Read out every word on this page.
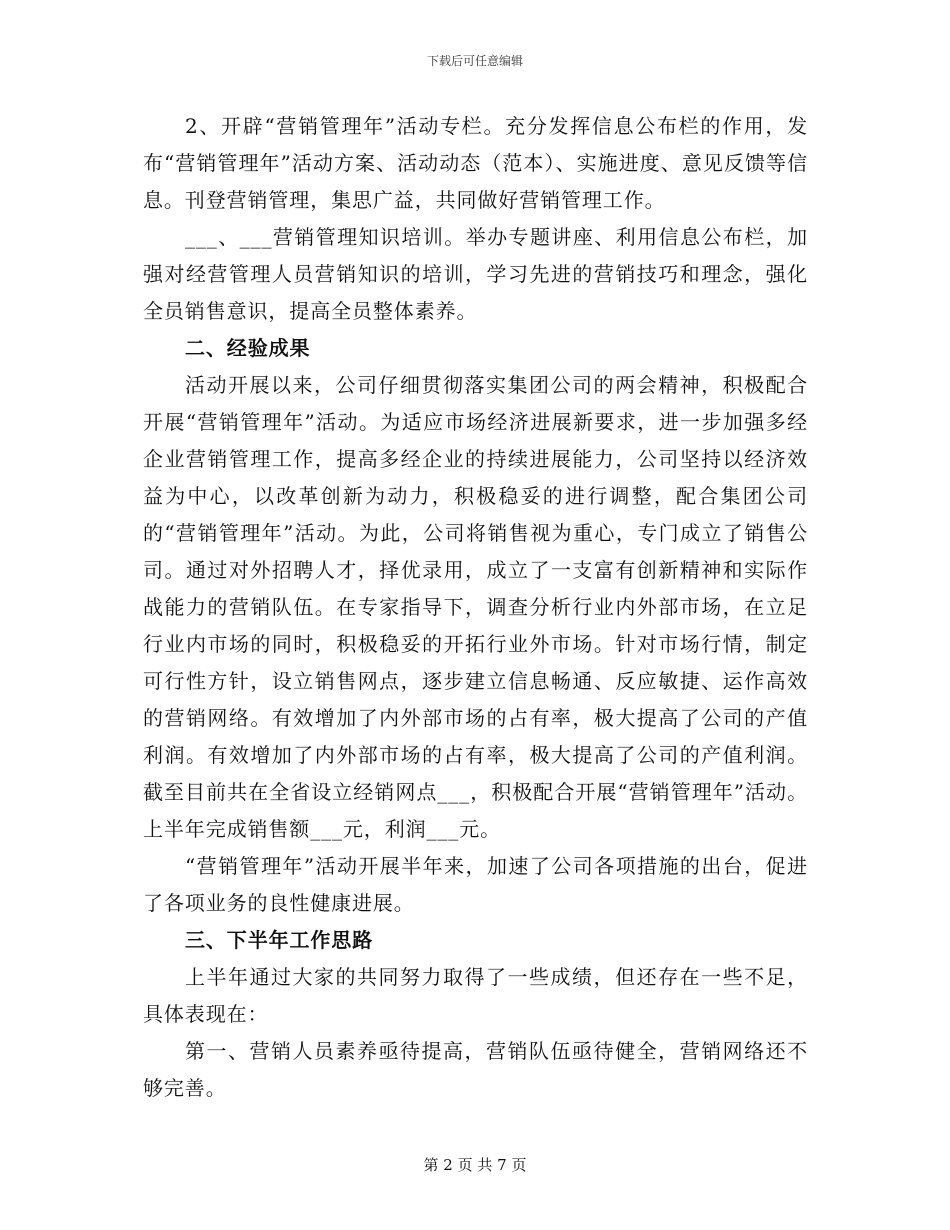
下载后可任意编辑

2、开辟“营销管理年”活动专栏。充分发挥信息公布栏的作用，发布“营销管理年”活动方案、活动动态（范本）、实施进度、意见反馈等信息。刊登营销管理，集思广益，共同做好营销管理工作。

___、___营销管理知识培训。举办专题讲座、利用信息公布栏，加强对经营管理人员营销知识的培训，学习先进的营销技巧和理念，强化全员销售意识，提高全员整体素养。

二、经验成果

活动开展以来，公司仔细贯彻落实集团公司的两会精神，积极配合开展“营销管理年”活动。为适应市场经济进展新要求，进一步加强多经企业营销管理工作，提高多经企业的持续进展能力，公司坚持以经济效益为中心，以改革创新为动力，积极稳妥的进行调整，配合集团公司的“营销管理年”活动。为此，公司将销售视为重心，专门成立了销售公司。通过对外招聘人才，择优录用，成立了一支富有创新精神和实际作战能力的营销队伍。在专家指导下，调查分析行业内外部市场，在立足行业内市场的同时，积极稳妥的开拓行业外市场。针对市场行情，制定可行性方针，设立销售网点，逐步建立信息畅通、反应敏捷、运作高效的营销网络。有效增加了内外部市场的占有率，极大提高了公司的产值利润。有效增加了内外部市场的占有率，极大提高了公司的产值利润。截至目前共在全省设立经销网点___，积极配合开展“营销管理年”活动。上半年完成销售额___元，利润___元。

“营销管理年”活动开展半年来，加速了公司各项措施的出台，促进了各项业务的良性健康进展。

三、下半年工作思路

上半年通过大家的共同努力取得了一些成绩，但还存在一些不足，具体表现在：

第一、营销人员素养亟待提高，营销队伍亟待健全，营销网络还不够完善。

第 2 页 共 7 页
